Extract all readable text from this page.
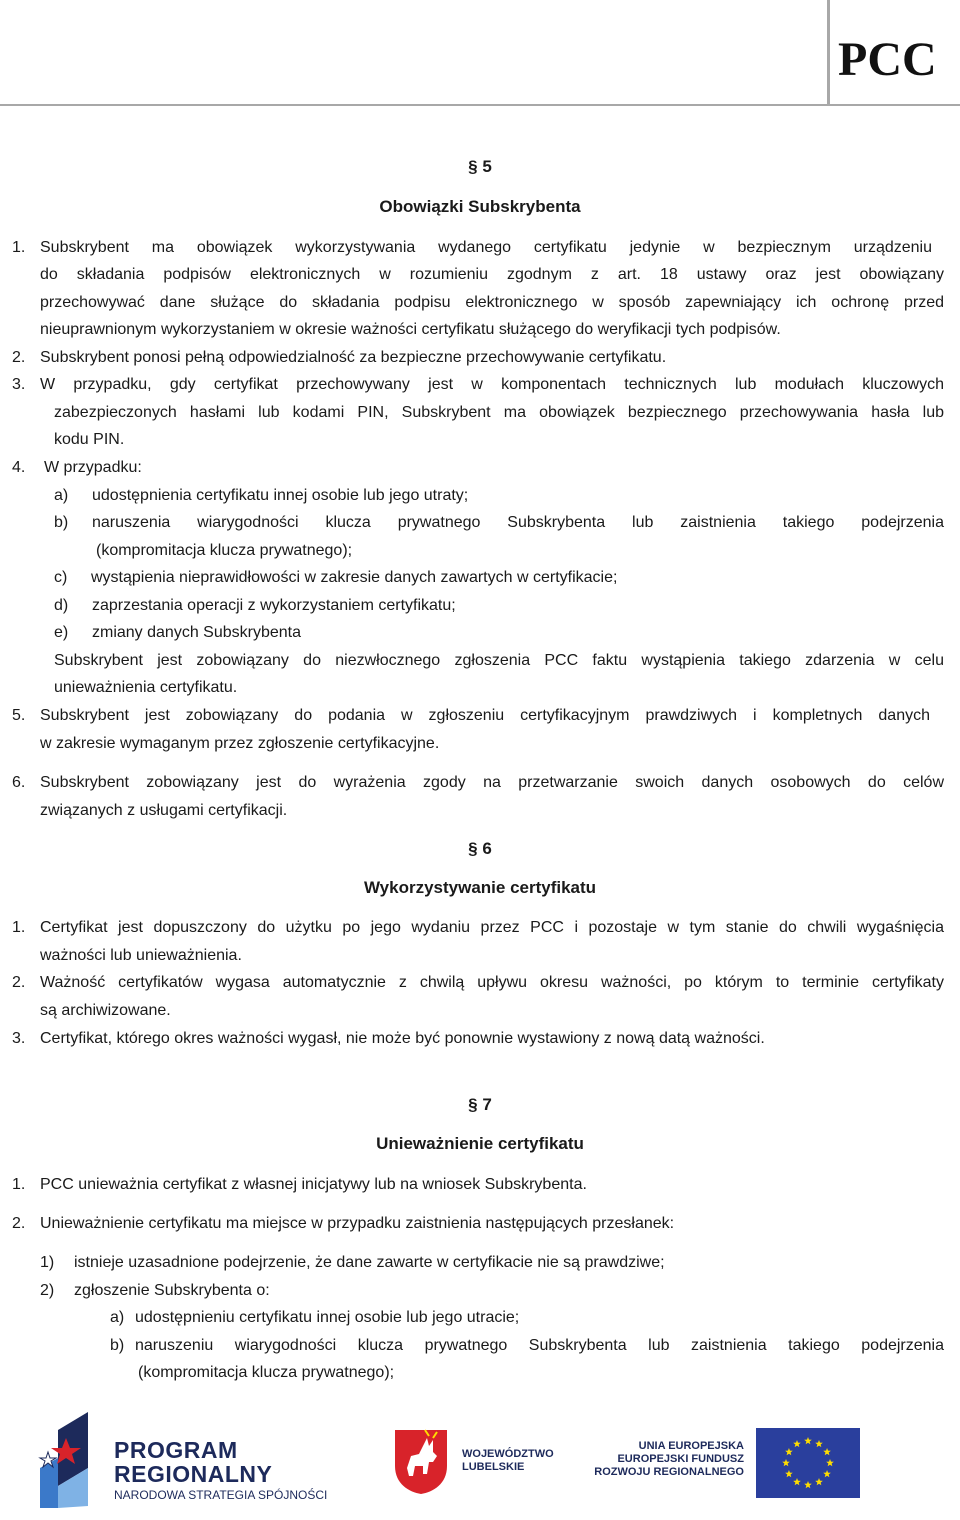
PCC
§ 5
Obowiązki Subskrybenta
1. Subskrybent ma obowiązek wykorzystywania wydanego certyfikatu jedynie w bezpiecznym urządzeniu
do składania podpisów elektronicznych w rozumieniu zgodnym z art. 18 ustawy oraz jest obowiązany
przechowywać dane służące do składania podpisu elektronicznego w sposób zapewniający ich ochronę przed
nieuprawnionym wykorzystaniem w okresie ważności certyfikatu służącego do weryfikacji tych podpisów.
2. Subskrybent ponosi pełną odpowiedzialność za bezpieczne przechowywanie certyfikatu.
3. W przypadku, gdy certyfikat przechowywany jest w komponentach technicznych lub modułach kluczowych
zabezpieczonych hasłami lub kodami PIN, Subskrybent ma obowiązek bezpiecznego przechowywania hasła lub
kodu PIN.
4. W przypadku:
a) udostępnienia certyfikatu innej osobie lub jego utraty;
b) naruszenia wiarygodności klucza prywatnego Subskrybenta lub zaistnienia takiego podejrzenia
(kompromitacja klucza prywatnego);
c) wystąpienia nieprawidłowości w zakresie danych zawartych w certyfikacie;
d) zaprzestania operacji z wykorzystaniem certyfikatu;
e) zmiany danych Subskrybenta
Subskrybent jest zobowiązany do niezwłocznego zgłoszenia PCC faktu wystąpienia takiego zdarzenia w celu
unieważnienia certyfikatu.
5. Subskrybent jest zobowiązany do podania w zgłoszeniu certyfikacyjnym prawdziwych i kompletnych danych
w zakresie wymaganym przez zgłoszenie certyfikacyjne.
6. Subskrybent zobowiązany jest do wyrażenia zgody na przetwarzanie swoich danych osobowych do celów
związanych z usługami certyfikacji.
§ 6
Wykorzystywanie certyfikatu
1. Certyfikat jest dopuszczony do użytku po jego wydaniu przez PCC i pozostaje w tym stanie do chwili wygaśnięcia
ważności lub unieważnienia.
2. Ważność certyfikatów wygasa automatycznie z chwilą upływu okresu ważności, po którym to terminie certyfikaty
są archiwizowane.
3. Certyfikat, którego okres ważności wygasł, nie może być ponownie wystawiony z nową datą ważności.
§ 7
Unieważnienie certyfikatu
1. PCC unieważnia certyfikat z własnej inicjatywy lub na wniosek Subskrybenta.
2. Unieważnienie certyfikatu ma miejsce w przypadku zaistnienia następujących przesłanek:
1) istnieje uzasadnione podejrzenie, że dane zawarte w certyfikacie nie są prawdziwe;
2) zgłoszenie Subskrybenta o:
a) udostępnieniu certyfikatu innej osobie lub jego utracie;
b) naruszeniu wiarygodności klucza prywatnego Subskrybenta lub zaistnienia takiego podejrzenia
(kompromitacja klucza prywatnego);
PROGRAM
REGIONALNY
NARODOWA STRATEGIA SPÓJNOŚCI
WOJEWÓDZTWO
LUBELSKIE
UNIA EUROPEJSKA
EUROPEJSKI FUNDUSZ
ROZWOJU REGIONALNEGO
